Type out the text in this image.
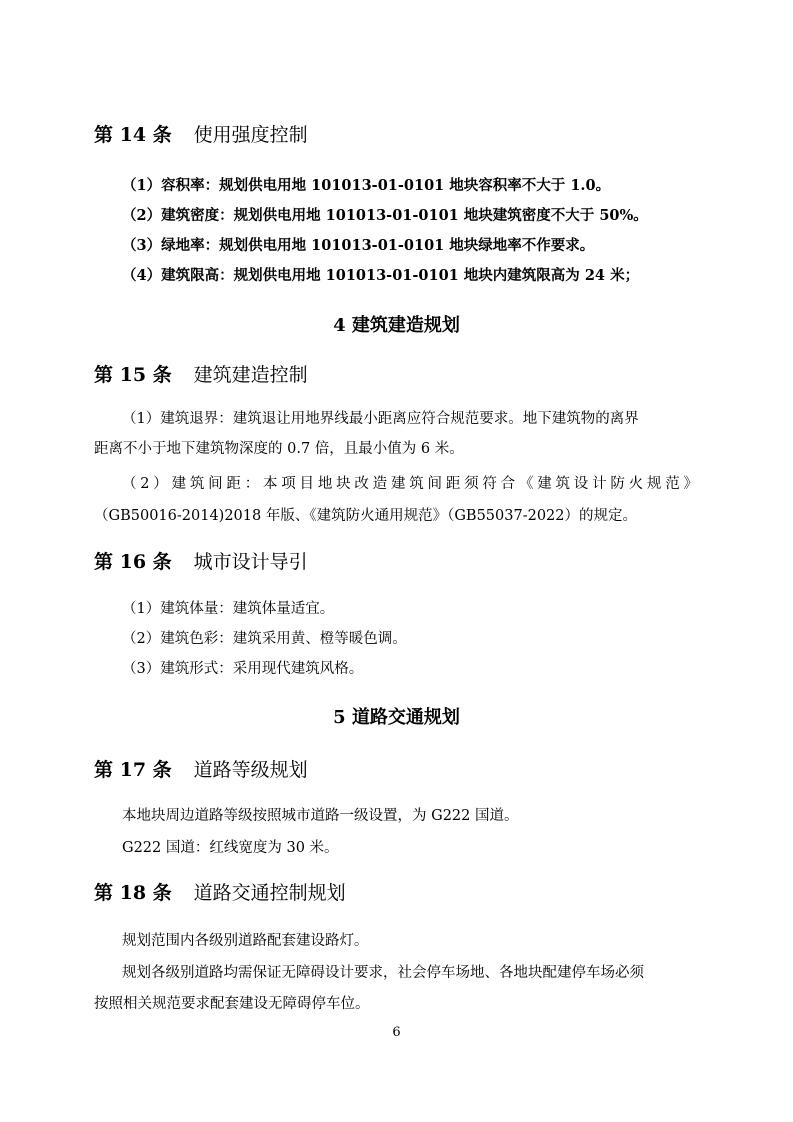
第 14 条 使用强度控制
（1）容积率：规划供电用地 101013-01-0101 地块容积率不大于 1.0。
（2）建筑密度：规划供电用地 101013-01-0101 地块建筑密度不大于 50%。
（3）绿地率：规划供电用地 101013-01-0101 地块绿地率不作要求。
（4）建筑限高：规划供电用地 101013-01-0101 地块内建筑限高为 24 米；
4 建筑建造规划
第 15 条 建筑建造控制
（1）建筑退界：建筑退让用地界线最小距离应符合规范要求。地下建筑物的离界
距离不小于地下建筑物深度的 0.7 倍，且最小值为 6 米。
（2）建筑间距：本项目地块改造建筑间距须符合《建筑设计防火规范》
（GB50016-2014)2018 年版、《建筑防火通用规范》（GB55037-2022）的规定。
第 16 条 城市设计导引
（1）建筑体量：建筑体量适宜。
（2）建筑色彩：建筑采用黄、橙等暖色调。
（3）建筑形式：采用现代建筑风格。
5 道路交通规划
第 17 条 道路等级规划
本地块周边道路等级按照城市道路一级设置，为 G222 国道。
G222 国道：红线宽度为 30 米。
第 18 条 道路交通控制规划
规划范围内各级别道路配套建设路灯。
规划各级别道路均需保证无障碍设计要求，社会停车场地、各地块配建停车场必须
按照相关规范要求配套建设无障碍停车位。
6
